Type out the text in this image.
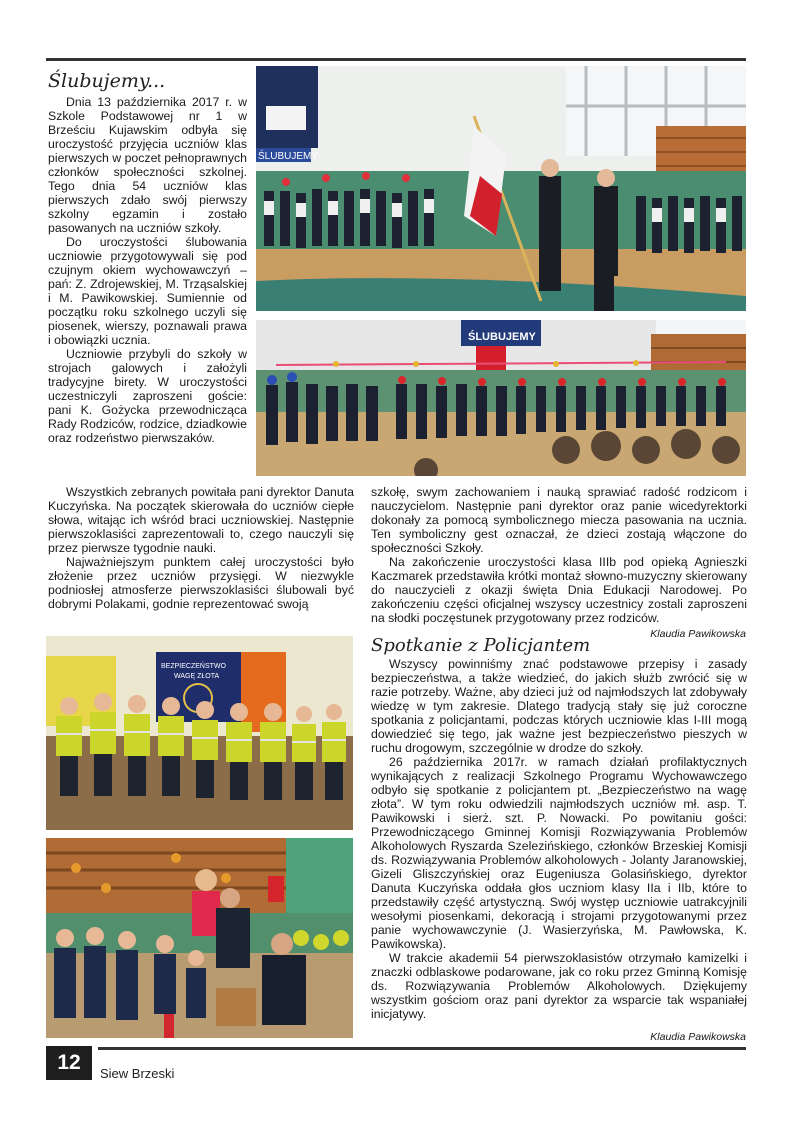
Ślubujemy...

Dnia 13 października 2017 r. w Szkole Podstawowej nr 1 w Brześciu Kujawskim odbyła się uroczystość przyjęcia uczniów klas pierwszych w poczet pełnoprawnych członków społeczności szkolnej. Tego dnia 54 uczniów klas pierwszych zdało swój pierwszy szkolny egzamin i zostało pasowanych na uczniów szkoły.

Do uroczystości ślubowania uczniowie przygotowywali się pod czujnym okiem wychowawczyń – pań: Z. Zdrojewskiej, M. Trząsalskiej i M. Pawikowskiej. Sumiennie od początku roku szkolnego uczyli się piosenek, wierszy, poznawali prawa i obowiązki ucznia.

Uczniowie przybyli do szkoły w strojach galowych i założyli tradycyjne birety. W uroczystości uczestniczyli zaproszeni goście: pani K. Gożycka przewodnicząca Rady Rodziców, rodzice, dziadkowie oraz rodzeństwo pierwszaków.

Wszystkich zebranych powitała pani dyrektor Danuta Kuczyńska. Na początek skierowała do uczniów ciepłe słowa, witając ich wśród braci uczniowskiej. Następnie pierwszoklasiści zaprezentowali to, czego nauczyli się przez pierwsze tygodnie nauki.

Najważniejszym punktem całej uroczystości było złożenie przez uczniów przysięgi. W niezwykle podniosłej atmosferze pierwszoklasiści ślubowali być dobrymi Polakami, godnie reprezentować swoją

szkołę, swym zachowaniem i nauką sprawiać radość rodzicom i nauczycielom. Następnie pani dyrektor oraz panie wicedyrektorki dokonały za pomocą symbolicznego miecza pasowania na ucznia. Ten symboliczny gest oznaczał, że dzieci zostają włączone do społeczności Szkoły.

Na zakończenie uroczystości klasa IIIb pod opieką Agnieszki Kaczmarek przedstawiła krótki montaż słowno-muzyczny skierowany do nauczycieli z okazji święta Dnia Edukacji Narodowej. Po zakończeniu części oficjalnej wszyscy uczestnicy zostali zaproszeni na słodki poczęstunek przygotowany przez rodziców.

Klaudia Pawikowska
Spotkanie z Policjantem

Wszyscy powinniśmy znać podstawowe przepisy i zasady bezpieczeństwa, a także wiedzieć, do jakich służb zwrócić się w razie potrzeby. Ważne, aby dzieci już od najmłodszych lat zdobywały wiedzę w tym zakresie. Dlatego tradycją stały się już coroczne spotkania z policjantami, podczas których uczniowie klas I-III mogą dowiedzieć się tego, jak ważne jest bezpieczeństwo pieszych w ruchu drogowym, szczególnie w drodze do szkoły.

26 października 2017r. w ramach działań profilaktycznych wynikających z realizacji Szkolnego Programu Wychowawczego odbyło się spotkanie z policjantem pt. „Bezpieczeństwo na wagę złota”. W tym roku odwiedzili najmłodszych uczniów mł. asp. T. Pawikowski i sierż. szt. P. Nowacki. Po powitaniu gości: Przewodniczącego Gminnej Komisji Rozwiązywania Problemów Alkoholowych Ryszarda Szelezińskiego, członków Brzeskiej Komisji ds. Rozwiązywania Problemów alkoholowych - Jolanty Jaranowskiej, Gizeli Gliszczyńskiej oraz Eugeniusza Golasińskiego, dyrektor Danuta Kuczyńska oddała głos uczniom klasy IIa i IIb, które to przedstawiły część artystyczną. Swój występ uczniowie uatrakcyjnili wesołymi piosenkami, dekoracją i strojami przygotowanymi przez panie wychowawczynie (J. Wasierzyńska, M. Pawłowska, K. Pawikowska).

W trakcie akademii 54 pierwszoklasistów otrzymało kamizelki i znaczki odblaskowe podarowane, jak co roku przez Gminną Komisję ds. Rozwiązywania Problemów Alkoholowych. Dziękujemy wszystkim gościom oraz pani dyrektor za wsparcie tak wspaniałej inicjatywy.

Klaudia Pawikowska
ŚLUBUJEMY
ŚLUBUJEMY
BEZPIECZEŃSTWO
WAGĘ ZŁOTA
12	Siew Brzeski
